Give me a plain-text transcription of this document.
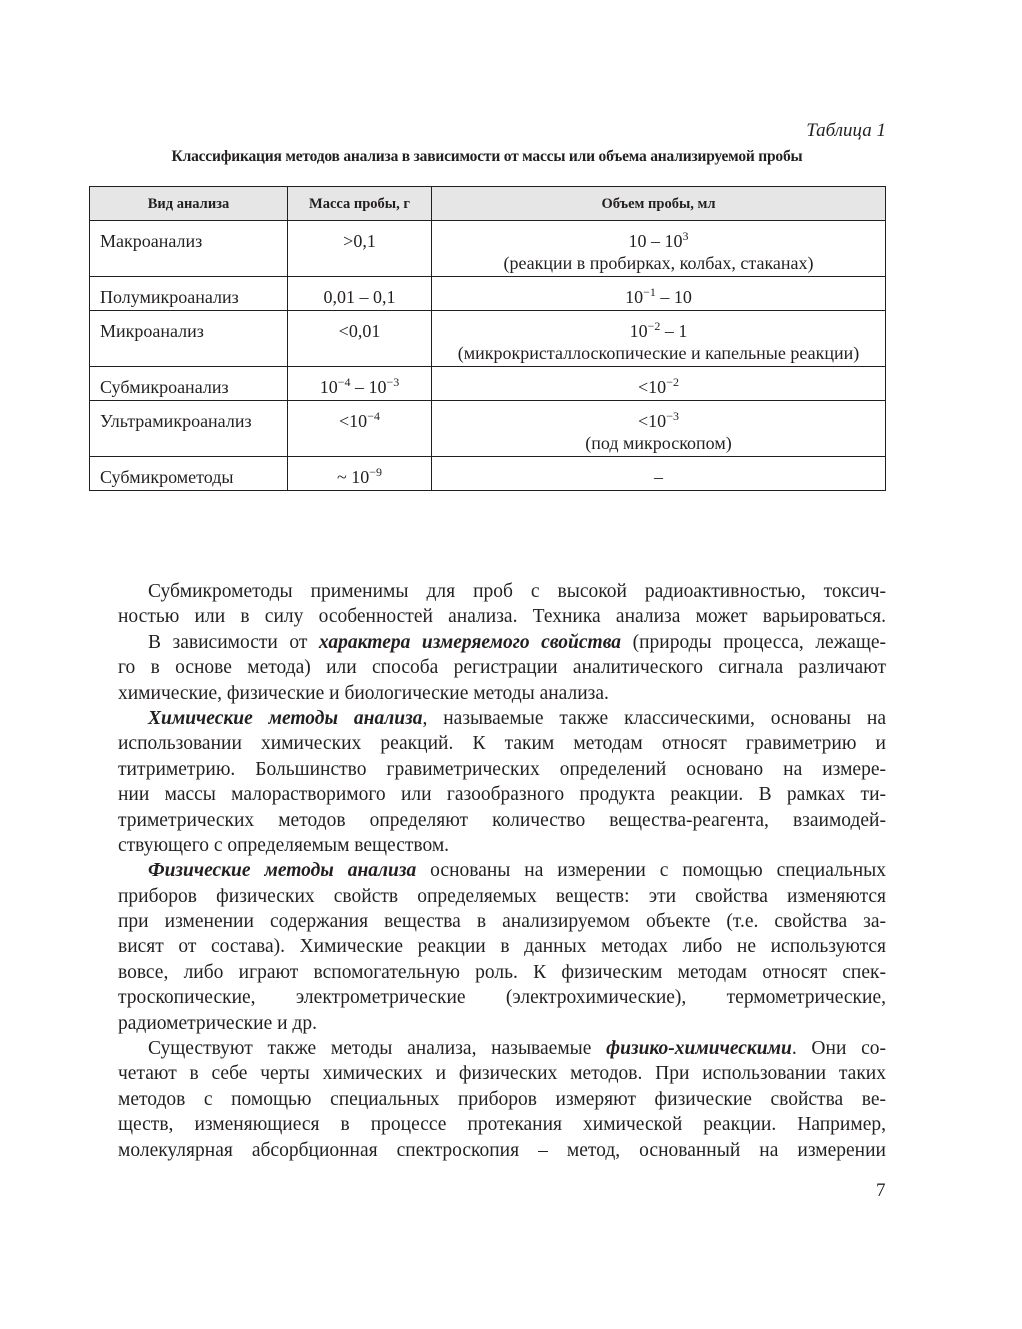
Таблица 1
Классификация методов анализа в зависимости от массы или объема анализируемой пробы
Вид анализа	Масса пробы, г	Объем пробы, мл
Макроанализ	>0,1	$10 - 10^3$
(реакции в пробирках, колбах, стаканах)
Полумикроанализ	0,01 – 0,1	$10^{-1} - 10$
Микроанализ	<0,01	$10^{-2} - 1$
(микрокристаллоскопические и капельные реакции)
Субмикроанализ	$10^{-4} - 10^{-3}$	$<10^{-2}$
Ультрамикроанализ	$<10^{-4}$	$<10^{-3}$
(под микроскопом)
Субмикрометоды	~ $10^{-9}$	–
Субмикрометоды применимы для проб с высокой радиоактивностью, токсич-
ностью или в силу особенностей анализа. Техника анализа может варьироваться.
В зависимости от характера измеряемого свойства (природы процесса, лежаще-
го в основе метода) или способа регистрации аналитического сигнала различают
химические, физические и биологические методы анализа.
Химические методы анализа, называемые также классическими, основаны на
использовании химических реакций. К таким методам относят гравиметрию и
титриметрию. Большинство гравиметрических определений основано на измере-
нии массы малорастворимого или газообразного продукта реакции. В рамках ти-
триметрических методов определяют количество вещества-реагента, взаимодей-
ствующего с определяемым веществом.
Физические методы анализа основаны на измерении с помощью специальных
приборов физических свойств определяемых веществ: эти свойства изменяются
при изменении содержания вещества в анализируемом объекте (т.е. свойства за-
висят от состава). Химические реакции в данных методах либо не используются
вовсе, либо играют вспомогательную роль. К физическим методам относят спек-
троскопические, электрометрические (электрохимические), термометрические,
радиометрические и др.
Существуют также методы анализа, называемые физико-химическими. Они со-
четают в себе черты химических и физических методов. При использовании таких
методов с помощью специальных приборов измеряют физические свойства ве-
ществ, изменяющиеся в процессе протекания химической реакции. Например,
молекулярная абсорбционная спектроскопия – метод, основанный на измерении
7
